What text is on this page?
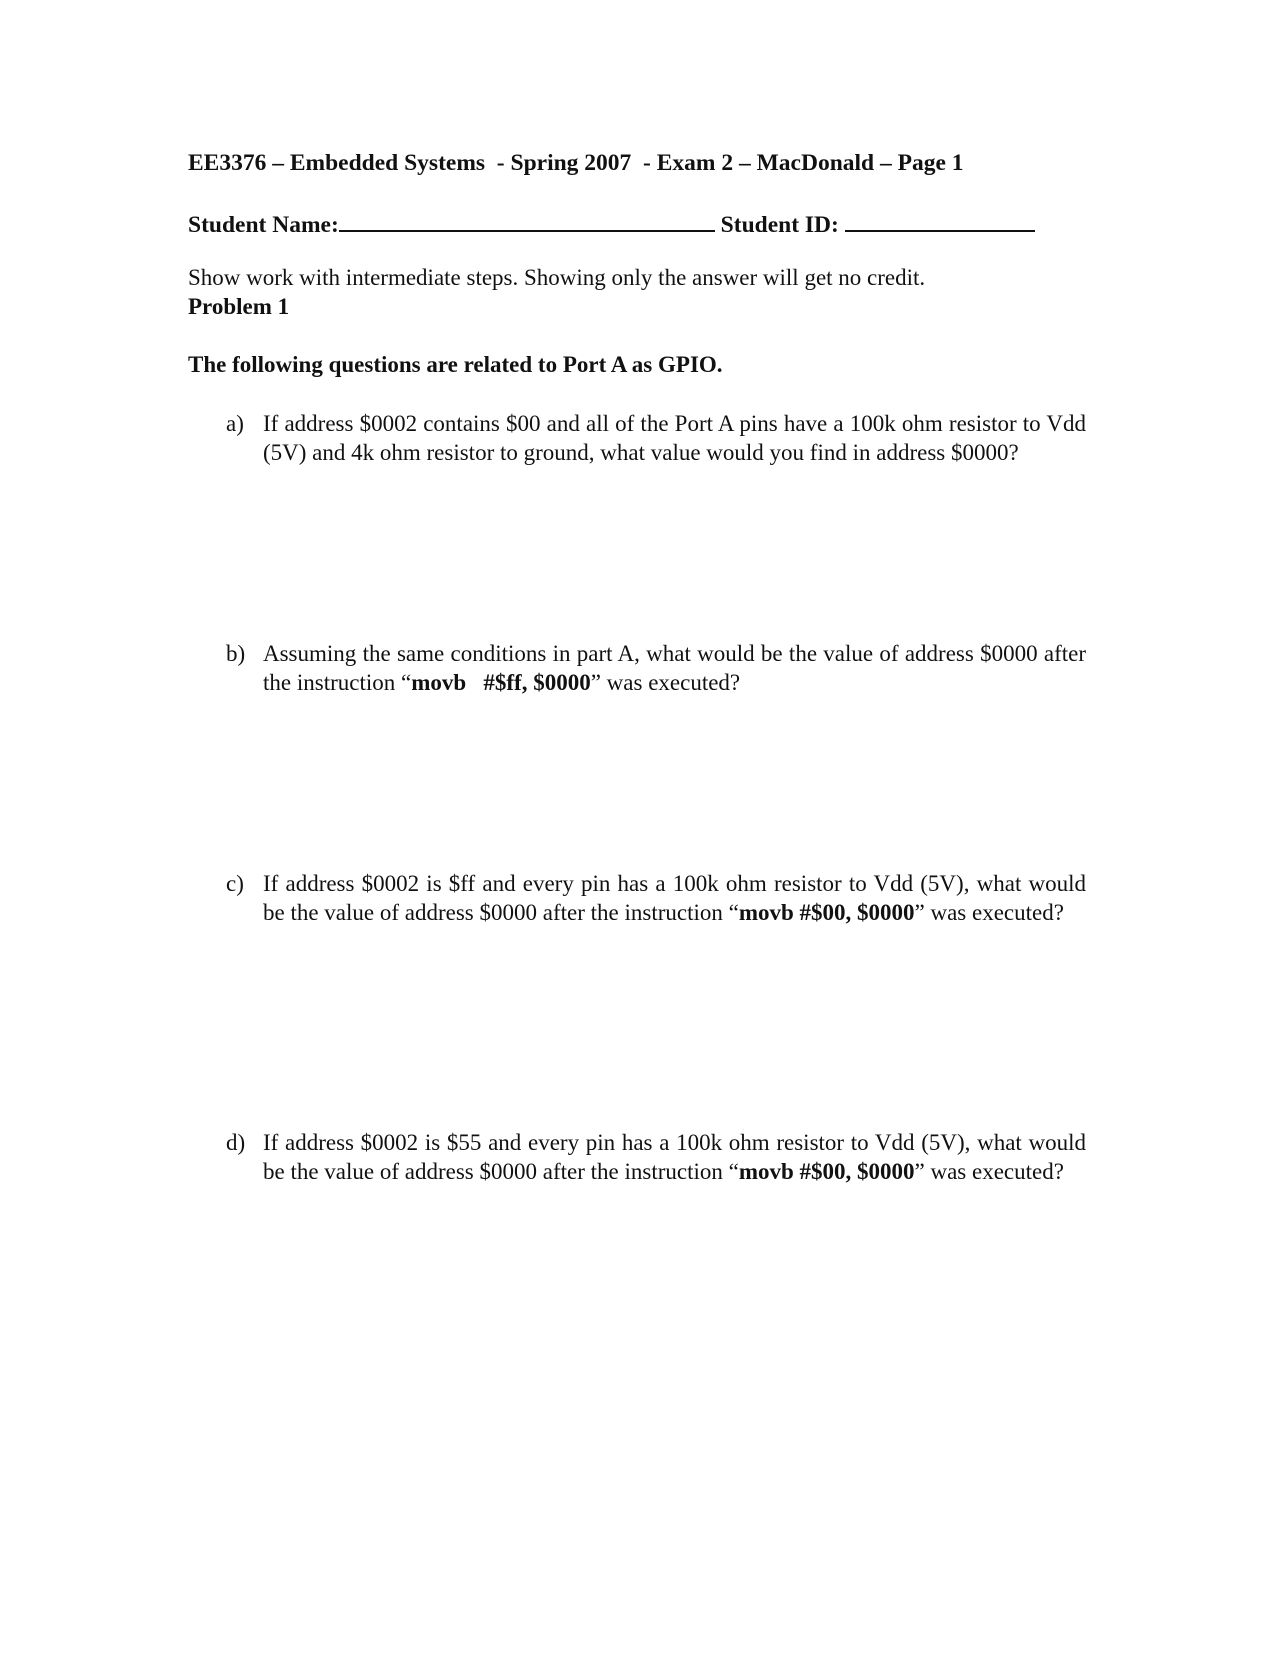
EE3376 – Embedded Systems  - Spring 2007  - Exam 2 – MacDonald – Page 1
Student Name:	Student ID:
Show work with intermediate steps. Showing only the answer will get no credit.
Problem 1
The following questions are related to Port A as GPIO.
a) If address $0002 contains $00 and all of the Port A pins have a 100k ohm resistor to Vdd (5V) and 4k ohm resistor to ground, what value would you find in address $0000?
b) Assuming the same conditions in part A, what would be the value of address $0000 after the instruction “movb   #$ff, $0000” was executed?
c) If address $0002 is $ff and every pin has a 100k ohm resistor to Vdd (5V), what would be the value of address $0000 after the instruction “movb #$00, $0000” was executed?
d) If address $0002 is $55 and every pin has a 100k ohm resistor to Vdd (5V), what would be the value of address $0000 after the instruction “movb #$00, $0000” was executed?
